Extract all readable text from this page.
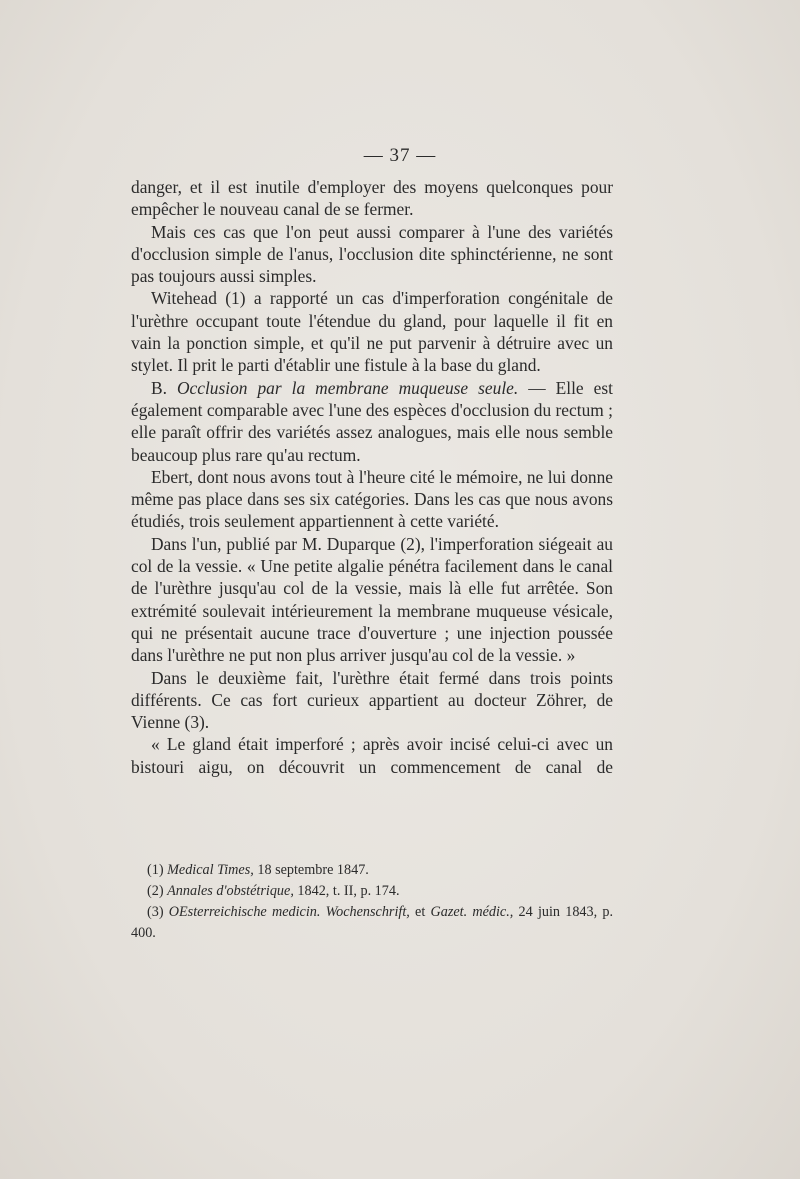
— 37 —

danger, et il est inutile d'employer des moyens quelconques pour empêcher le nouveau canal de se fermer.

Mais ces cas que l'on peut aussi comparer à l'une des variétés d'occlusion simple de l'anus, l'occlusion dite sphinctérienne, ne sont pas toujours aussi simples.

Witehead (1) a rapporté un cas d'imperforation congénitale de l'urèthre occupant toute l'étendue du gland, pour laquelle il fit en vain la ponction simple, et qu'il ne put parvenir à détruire avec un stylet. Il prit le parti d'établir une fistule à la base du gland.

B. Occlusion par la membrane muqueuse seule. — Elle est également comparable avec l'une des espèces d'occlusion du rectum ; elle paraît offrir des variétés assez analogues, mais elle nous semble beaucoup plus rare qu'au rectum.

Ebert, dont nous avons tout à l'heure cité le mémoire, ne lui donne même pas place dans ses six catégories. Dans les cas que nous avons étudiés, trois seulement appartiennent à cette variété.

Dans l'un, publié par M. Duparque (2), l'imperforation siégeait au col de la vessie. « Une petite algalie pénétra facilement dans le canal de l'urèthre jusqu'au col de la vessie, mais là elle fut arrêtée. Son extrémité soulevait intérieurement la membrane muqueuse vésicale, qui ne présentait aucune trace d'ouverture ; une injection poussée dans l'urèthre ne put non plus arriver jusqu'au col de la vessie. »

Dans le deuxième fait, l'urèthre était fermé dans trois points différents. Ce cas fort curieux appartient au docteur Zöhrer, de Vienne (3).

« Le gland était imperforé ; après avoir incisé celui-ci avec un bistouri aigu, on découvrit un commencement de canal de

(1) Medical Times, 18 septembre 1847.

(2) Annales d'obstétrique, 1842, t. II, p. 174.

(3) OEsterreichische medicin. Wochenschrift, et Gazet. médic., 24 juin 1843, p. 400.
